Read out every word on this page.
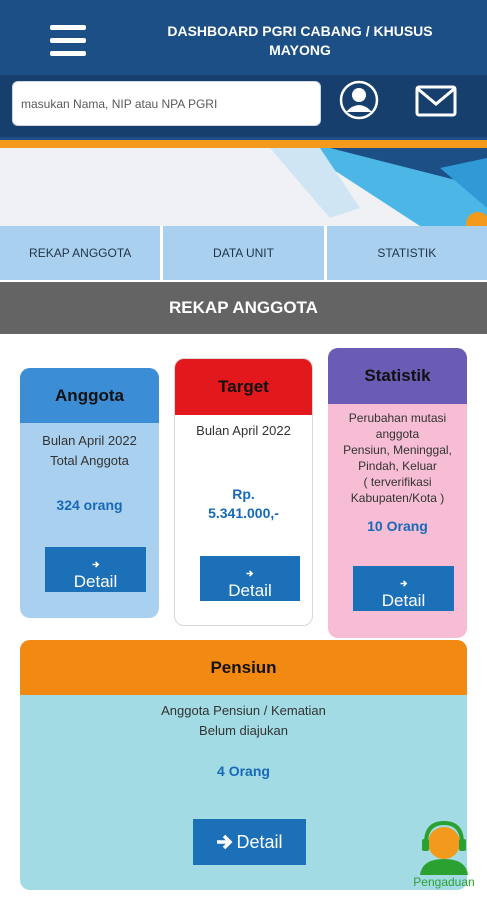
DASHBOARD PGRI CABANG / KHUSUS
MAYONG
masukan Nama, NIP atau NPA PGRI
REKAP ANGGOTA	DATA UNIT	STATISTIK
REKAP ANGGOTA
Anggota
Bulan April 2022
Total Anggota
324 orang
Detail
Target
Bulan April 2022
Rp.
5.341.000,-
Detail
Statistik
Perubahan mutasi
anggota
Pensiun, Meninggal,
Pindah, Keluar
( terverifikasi
Kabupaten/Kota )
10 Orang
Detail
Pensiun
Anggota Pensiun / Kematian
Belum diajukan
4 Orang
Detail
Pengaduan
